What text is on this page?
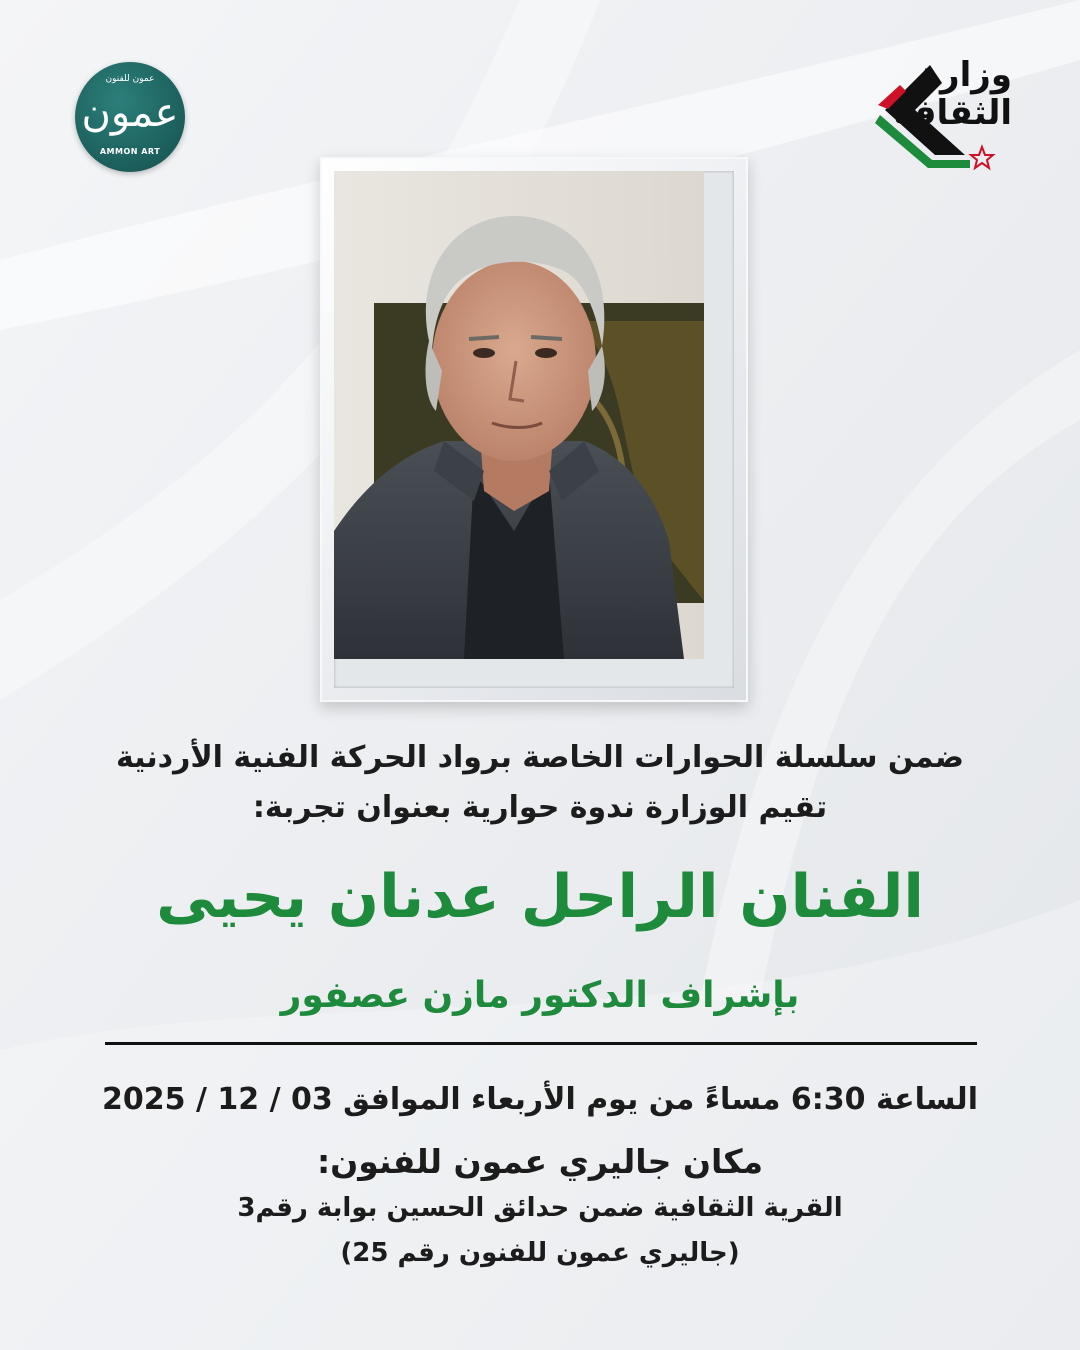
عمون للفنون
عمون
AMMON ART
وزارة
الثقافة
ضمن سلسلة الحوارات الخاصة برواد الحركة الفنية الأردنية
تقيم الوزارة ندوة حوارية بعنوان تجربة:
الفنان الراحل عدنان يحيى
بإشراف الدكتور مازن عصفور
الساعة 6:30 مساءً من يوم الأربعاء الموافق 03 / 12 / 2025
مكان جاليري عمون للفنون:
القرية الثقافية ضمن حدائق الحسين بوابة رقم3
(جاليري عمون للفنون رقم 25)
